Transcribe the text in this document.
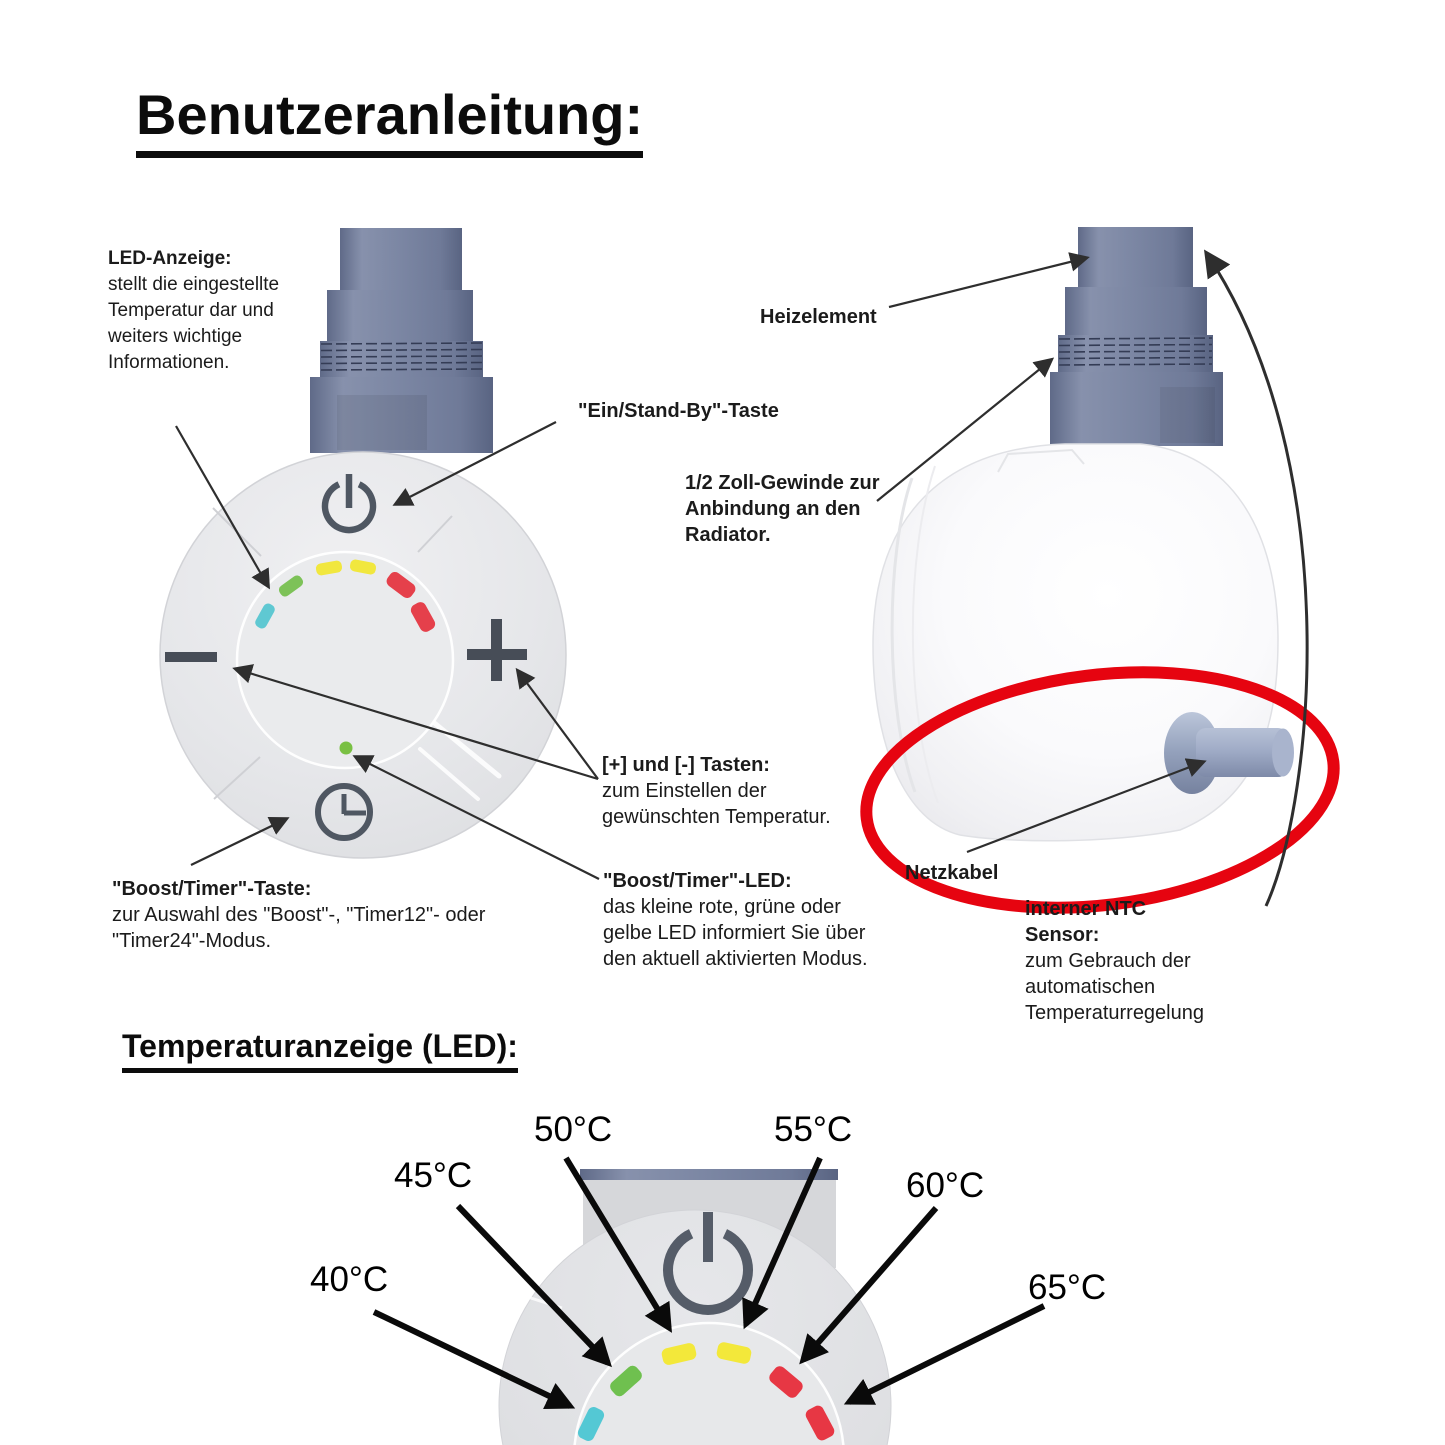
Benutzeranleitung:
LED-Anzeige:
stellt die eingestellte Temperatur dar und weiters wichtige Informationen.
"Ein/Stand-By"-Taste
Heizelement
1/2 Zoll-Gewinde zur Anbindung an den Radiator.
[+] und [-] Tasten:
zum Einstellen der gewünschten Temperatur.
"Boost/Timer"-Taste:
zur Auswahl des "Boost"-, "Timer12"- oder "Timer24"-Modus.
"Boost/Timer"-LED:
das kleine rote, grüne oder gelbe LED informiert Sie über den aktuell aktivierten Modus.
Netzkabel
interner NTC Sensor:
zum Gebrauch der automatischen Temperaturregelung
Temperaturanzeige (LED):
40°C
45°C
50°C	55°C
60°C
65°C
